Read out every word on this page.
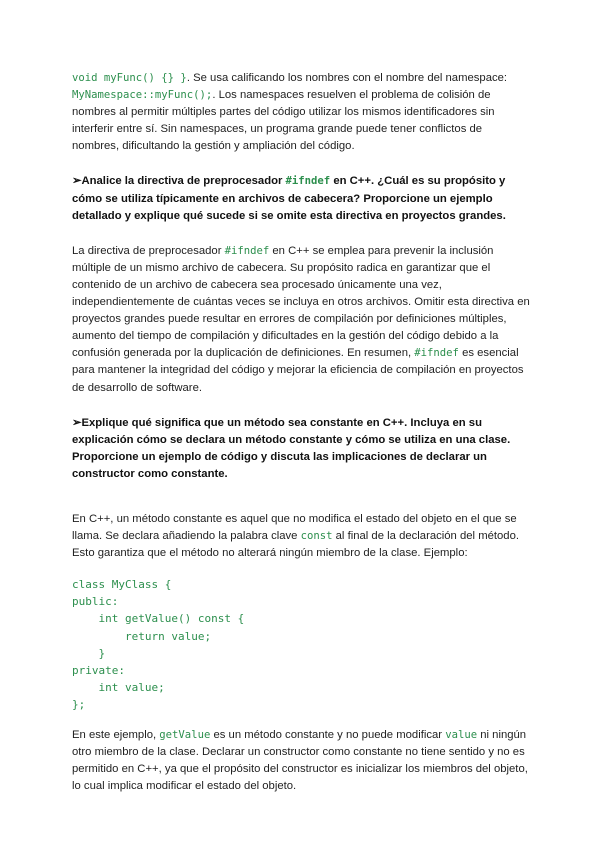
void myFunc() {} }. Se usa calificando los nombres con el nombre del namespace: MyNamespace::myFunc();. Los namespaces resuelven el problema de colisión de nombres al permitir múltiples partes del código utilizar los mismos identificadores sin interferir entre sí. Sin namespaces, un programa grande puede tener conflictos de nombres, dificultando la gestión y ampliación del código.

➢Analice la directiva de preprocesador #ifndef en C++. ¿Cuál es su propósito y cómo se utiliza típicamente en archivos de cabecera? Proporcione un ejemplo detallado y explique qué sucede si se omite esta directiva en proyectos grandes.

La directiva de preprocesador #ifndef en C++ se emplea para prevenir la inclusión múltiple de un mismo archivo de cabecera. Su propósito radica en garantizar que el contenido de un archivo de cabecera sea procesado únicamente una vez, independientemente de cuántas veces se incluya en otros archivos. Omitir esta directiva en proyectos grandes puede resultar en errores de compilación por definiciones múltiples, aumento del tiempo de compilación y dificultades en la gestión del código debido a la confusión generada por la duplicación de definiciones. En resumen, #ifndef es esencial para mantener la integridad del código y mejorar la eficiencia de compilación en proyectos de desarrollo de software.

➢Explique qué significa que un método sea constante en C++. Incluya en su explicación cómo se declara un método constante y cómo se utiliza en una clase. Proporcione un ejemplo de código y discuta las implicaciones de declarar un constructor como constante.

En C++, un método constante es aquel que no modifica el estado del objeto en el que se llama. Se declara añadiendo la palabra clave const al final de la declaración del método. Esto garantiza que el método no alterará ningún miembro de la clase. Ejemplo:

class MyClass {
public:
int getValue() const {
return value;
}
private:
int value;
};

En este ejemplo, getValue es un método constante y no puede modificar value ni ningún otro miembro de la clase. Declarar un constructor como constante no tiene sentido y no es permitido en C++, ya que el propósito del constructor es inicializar los miembros del objeto, lo cual implica modificar el estado del objeto.
